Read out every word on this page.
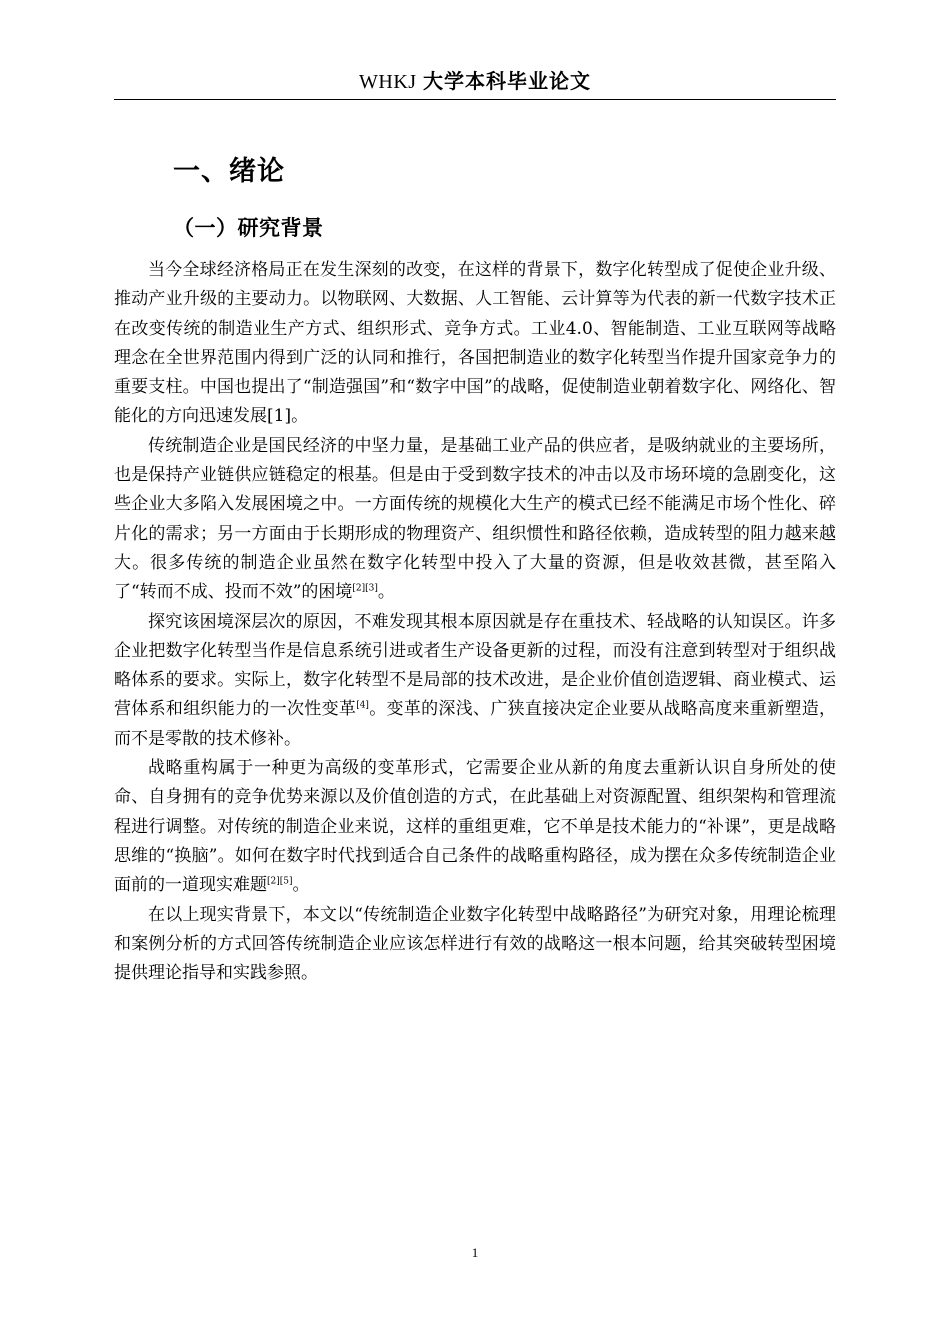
WHKJ 大学本科毕业论文
一、绪论
（一）研究背景

当今全球经济格局正在发生深刻的改变，在这样的背景下，数字化转型成了促使企业升级、推动产业升级的主要动力。以物联网、大数据、人工智能、云计算等为代表的新一代数字技术正在改变传统的制造业生产方式、组织形式、竞争方式。工业4.0、智能制造、工业互联网等战略理念在全世界范围内得到广泛的认同和推行，各国把制造业的数字化转型当作提升国家竞争力的重要支柱。中国也提出了“制造强国”和“数字中国”的战略，促使制造业朝着数字化、网络化、智能化的方向迅速发展[1]。

传统制造企业是国民经济的中坚力量，是基础工业产品的供应者，是吸纳就业的主要场所，也是保持产业链供应链稳定的根基。但是由于受到数字技术的冲击以及市场环境的急剧变化，这些企业大多陷入发展困境之中。一方面传统的规模化大生产的模式已经不能满足市场个性化、碎片化的需求；另一方面由于长期形成的物理资产、组织惯性和路径依赖，造成转型的阻力越来越大。很多传统的制造企业虽然在数字化转型中投入了大量的资源，但是收效甚微，甚至陷入了“转而不成、投而不效”的困境[2][3]。

探究该困境深层次的原因，不难发现其根本原因就是存在重技术、轻战略的认知误区。许多企业把数字化转型当作是信息系统引进或者生产设备更新的过程，而没有注意到转型对于组织战略体系的要求。实际上，数字化转型不是局部的技术改进，是企业价值创造逻辑、商业模式、运营体系和组织能力的一次性变革[4]。变革的深浅、广狭直接决定企业要从战略高度来重新塑造，而不是零散的技术修补。

战略重构属于一种更为高级的变革形式，它需要企业从新的角度去重新认识自身所处的使命、自身拥有的竞争优势来源以及价值创造的方式，在此基础上对资源配置、组织架构和管理流程进行调整。对传统的制造企业来说，这样的重组更难，它不单是技术能力的“补课”，更是战略思维的“换脑”。如何在数字时代找到适合自己条件的战略重构路径，成为摆在众多传统制造企业面前的一道现实难题[2][5]。

在以上现实背景下，本文以“传统制造企业数字化转型中战略路径”为研究对象，用理论梳理和案例分析的方式回答传统制造企业应该怎样进行有效的战略这一根本问题，给其突破转型困境提供理论指导和实践参照。

1
